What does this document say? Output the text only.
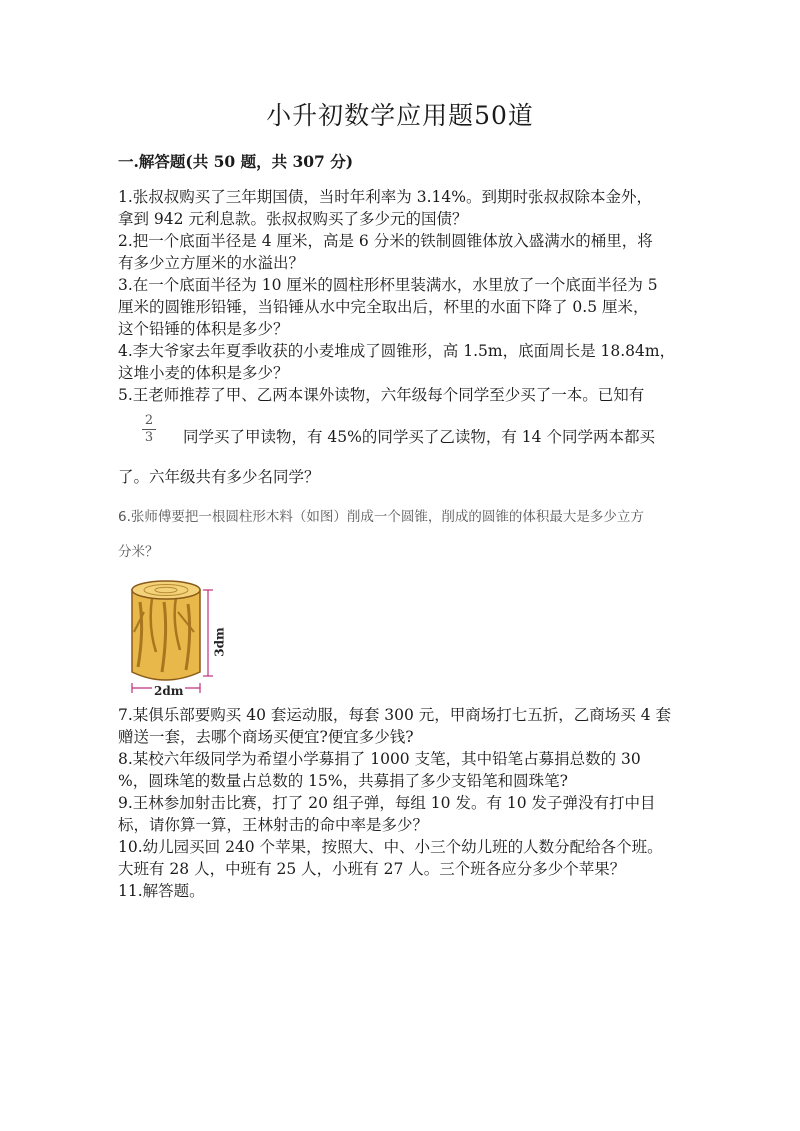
小升初数学应用题50道
一.解答题(共 50 题，共 307 分)
1.张叔叔购买了三年期国债，当时年利率为 3.14%。到期时张叔叔除本金外，
拿到 942 元利息款。张叔叔购买了多少元的国债？
2.把一个底面半径是 4 厘米，高是 6 分米的铁制圆锥体放入盛满水的桶里，将
有多少立方厘米的水溢出？
3.在一个底面半径为 10 厘米的圆柱形杯里装满水，水里放了一个底面半径为 5
厘米的圆锥形铅锤，当铅锤从水中完全取出后，杯里的水面下降了 0.5 厘米，
这个铅锤的体积是多少？
4.李大爷家去年夏季收获的小麦堆成了圆锥形，高 1.5m，底面周长是 18.84m，
这堆小麦的体积是多少？
5.王老师推荐了甲、乙两本课外读物，六年级每个同学至少买了一本。已知有
$\frac{2}{3}$ 同学买了甲读物，有 45%的同学买了乙读物，有 14 个同学两本都买
了。六年级共有多少名同学？
6.张师傅要把一根圆柱形木料（如图）削成一个圆锥，削成的圆锥的体积最大是多少立方
分米？
3dm
2dm
7.某俱乐部要购买 40 套运动服，每套 300 元，甲商场打七五折，乙商场买 4 套
赠送一套，去哪个商场买便宜?便宜多少钱?
8.某校六年级同学为希望小学募捐了 1000 支笔，其中铅笔占募捐总数的 30
%，圆珠笔的数量占总数的 15%，共募捐了多少支铅笔和圆珠笔?
9.王林参加射击比赛，打了 20 组子弹，每组 10 发。有 10 发子弹没有打中目
标，请你算一算，王林射击的命中率是多少？
10.幼儿园买回 240 个苹果，按照大、中、小三个幼儿班的人数分配给各个班。
大班有 28 人，中班有 25 人，小班有 27 人。三个班各应分多少个苹果？
11.解答题。
